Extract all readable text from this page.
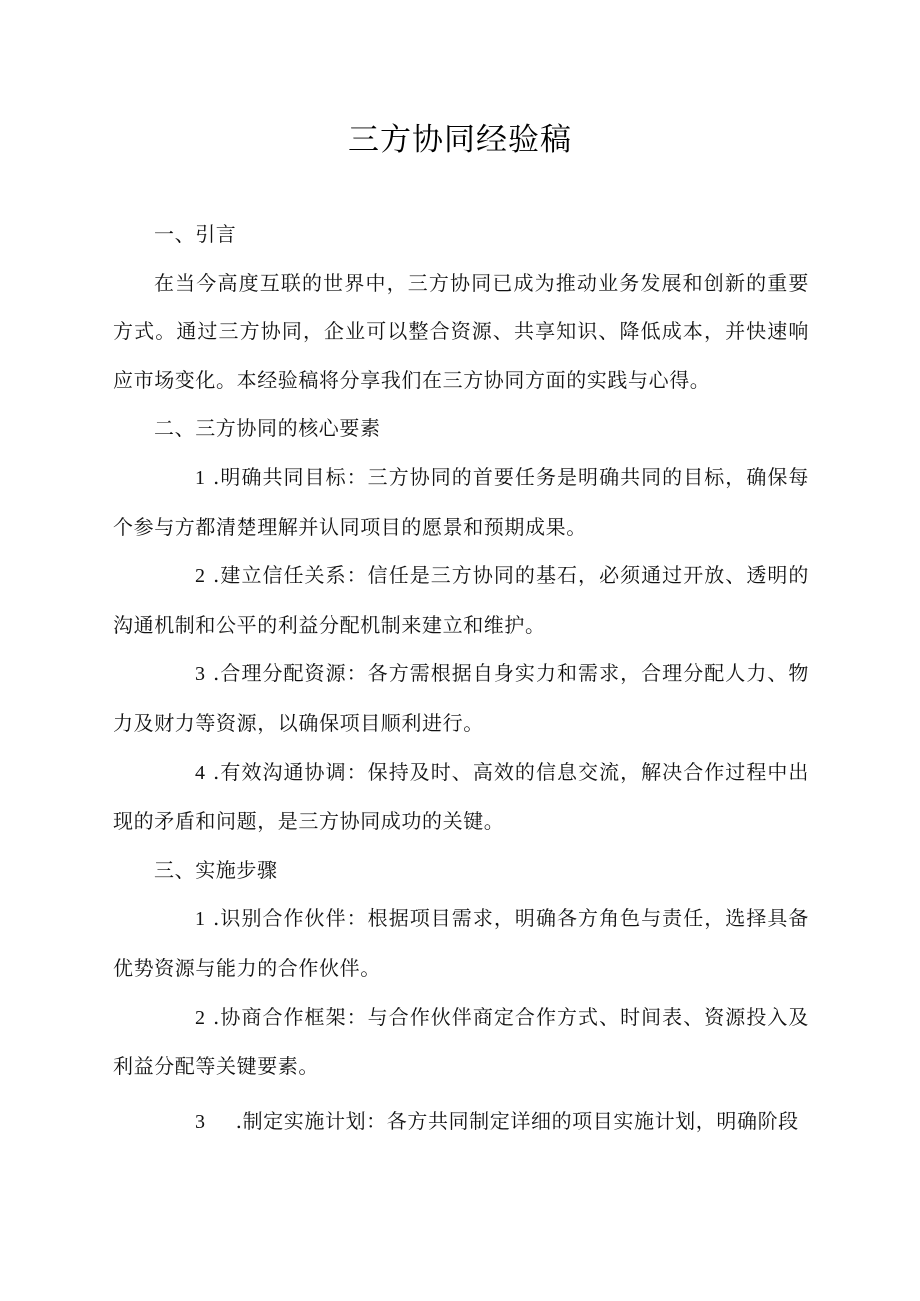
三方协同经验稿

一、引言

在当今高度互联的世界中，三方协同已成为推动业务发展和创新的重要方式。通过三方协同，企业可以整合资源、共享知识、降低成本，并快速响应市场变化。本经验稿将分享我们在三方协同方面的实践与心得。

二、三方协同的核心要素

1 .明确共同目标：三方协同的首要任务是明确共同的目标，确保每个参与方都清楚理解并认同项目的愿景和预期成果。

2 .建立信任关系：信任是三方协同的基石，必须通过开放、透明的沟通机制和公平的利益分配机制来建立和维护。

3 .合理分配资源：各方需根据自身实力和需求，合理分配人力、物力及财力等资源，以确保项目顺利进行。

4 .有效沟通协调：保持及时、高效的信息交流，解决合作过程中出现的矛盾和问题，是三方协同成功的关键。

三、实施步骤

1 .识别合作伙伴：根据项目需求，明确各方角色与责任，选择具备优势资源与能力的合作伙伴。

2 .协商合作框架：与合作伙伴商定合作方式、时间表、资源投入及利益分配等关键要素。

3 .制定实施计划：各方共同制定详细的项目实施计划，明确阶段
